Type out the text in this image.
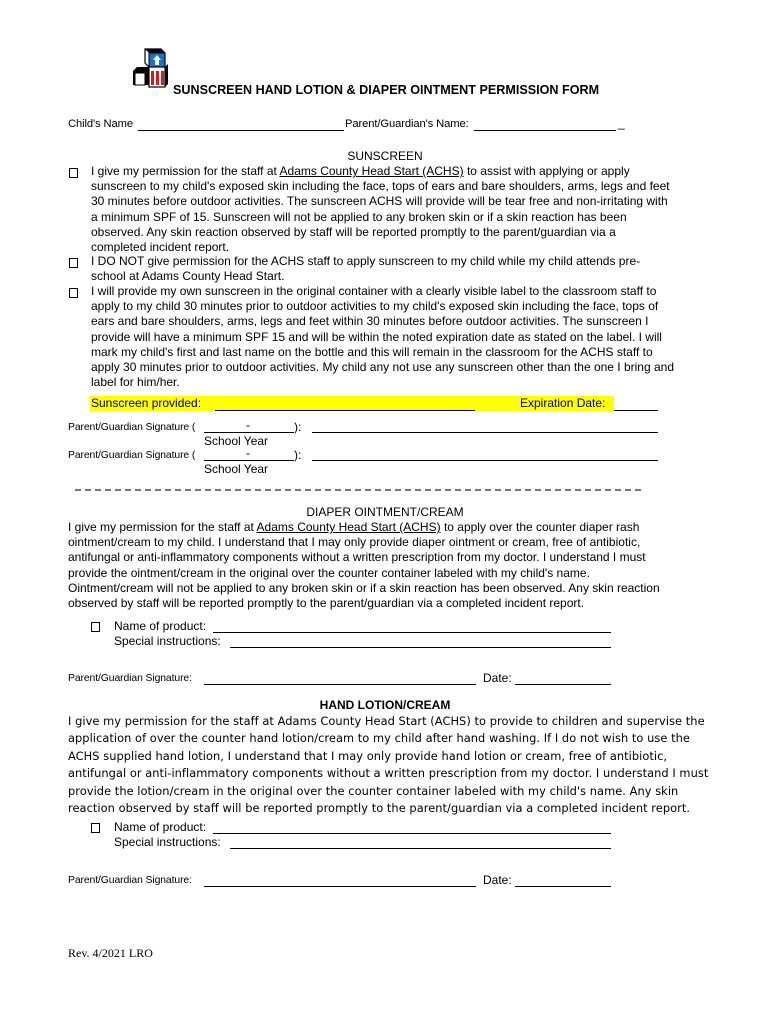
SUNSCREEN HAND LOTION & DIAPER OINTMENT PERMISSION FORM
Child's Name	Parent/Guardian's Name:	_
SUNSCREEN
I give my permission for the staff at Adams County Head Start (ACHS) to assist with applying or apply
sunscreen to my child's exposed skin including the face, tops of ears and bare shoulders, arms, legs and feet
30 minutes before outdoor activities. The sunscreen ACHS will provide will be tear free and non-irritating with
a minimum SPF of 15. Sunscreen will not be applied to any broken skin or if a skin reaction has been
observed. Any skin reaction observed by staff will be reported promptly to the parent/guardian via a
completed incident report.
I DO NOT give permission for the ACHS staff to apply sunscreen to my child while my child attends pre-
school at Adams County Head Start.
I will provide my own sunscreen in the original container with a clearly visible label to the classroom staff to
apply to my child 30 minutes prior to outdoor activities to my child's exposed skin including the face, tops of
ears and bare shoulders, arms, legs and feet within 30 minutes before outdoor activities. The sunscreen I
provide will have a minimum SPF 15 and will be within the noted expiration date as stated on the label. I will
mark my child's first and last name on the bottle and this will remain in the classroom for the ACHS staff to
apply 30 minutes prior to outdoor activities. My child any not use any sunscreen other than the one I bring and
label for him/her.
Sunscreen provided:	Expiration Date:
Parent/Guardian Signature (	-	):
School Year
Parent/Guardian Signature (	-	):
School Year
DIAPER OINTMENT/CREAM
I give my permission for the staff at Adams County Head Start (ACHS) to apply over the counter diaper rash
ointment/cream to my child. I understand that I may only provide diaper ointment or cream, free of antibiotic,
antifungal or anti-inflammatory components without a written prescription from my doctor. I understand I must
provide the ointment/cream in the original over the counter container labeled with my child's name.
Ointment/cream will not be applied to any broken skin or if a skin reaction has been observed. Any skin reaction
observed by staff will be reported promptly to the parent/guardian via a completed incident report.
Name of product:
Special instructions:
Parent/Guardian Signature:	Date:
HAND LOTION/CREAM
I give my permission for the staff at Adams County Head Start (ACHS) to provide to children and supervise the
application of over the counter hand lotion/cream to my child after hand washing. If I do not wish to use the
ACHS supplied hand lotion, I understand that I may only provide hand lotion or cream, free of antibiotic,
antifungal or anti-inflammatory components without a written prescription from my doctor. I understand I must
provide the lotion/cream in the original over the counter container labeled with my child's name. Any skin
reaction observed by staff will be reported promptly to the parent/guardian via a completed incident report.
Name of product:
Special instructions:
Parent/Guardian Signature:	Date:
Rev. 4/2021 LRO
